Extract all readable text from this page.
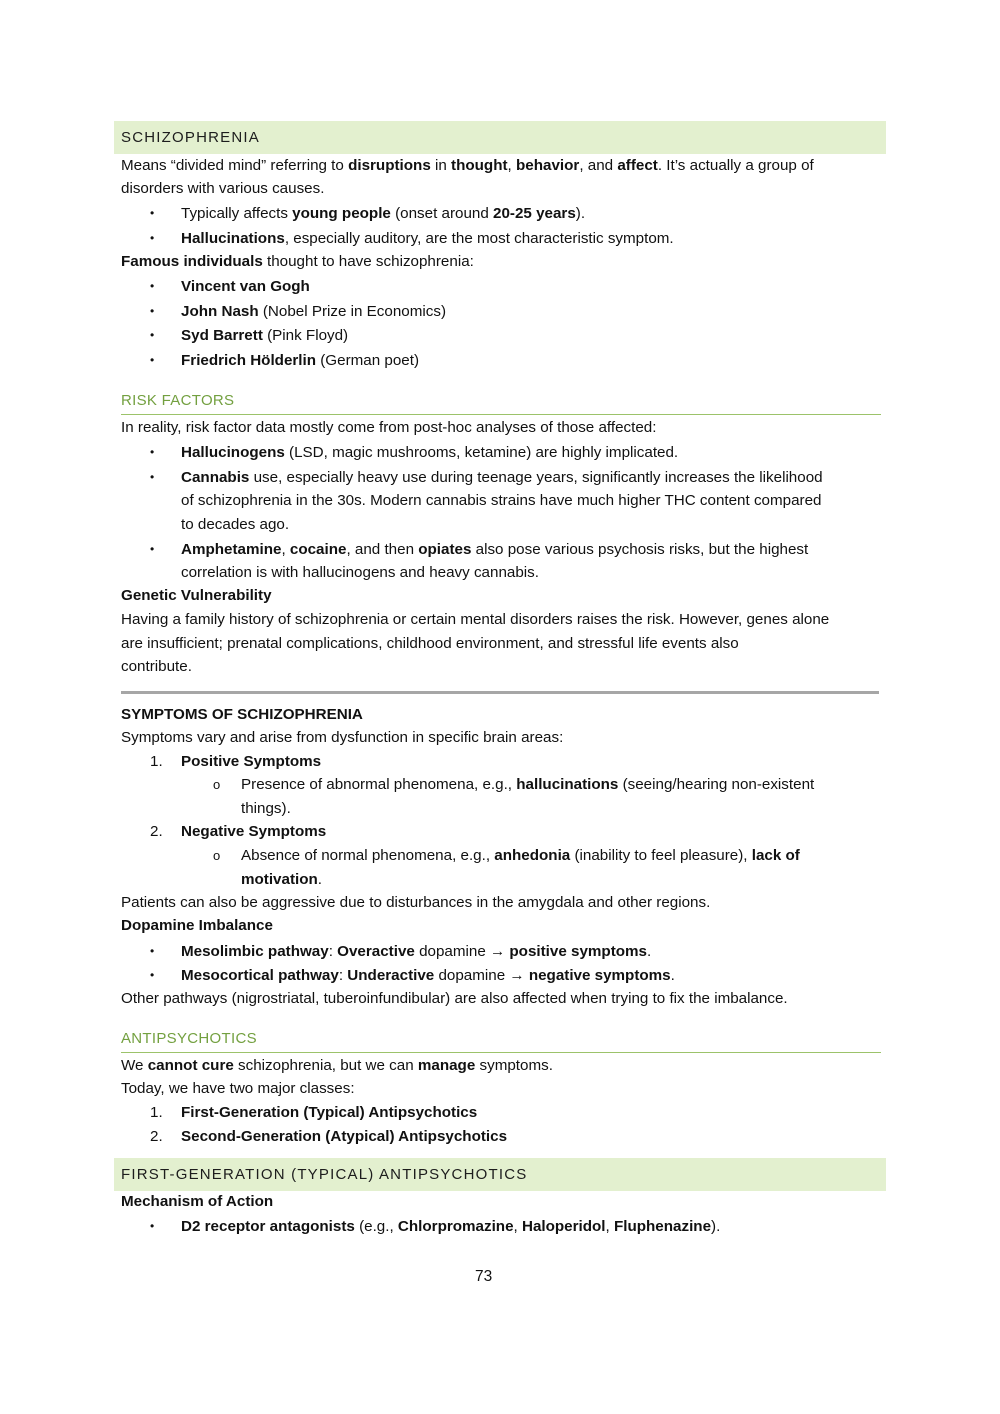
SCHIZOPHRENIA
Means “divided mind” referring to disruptions in thought, behavior, and affect. It’s actually a group of
disorders with various causes.
• Typically affects young people (onset around 20-25 years).
• Hallucinations, especially auditory, are the most characteristic symptom.
Famous individuals thought to have schizophrenia:
• Vincent van Gogh
• John Nash (Nobel Prize in Economics)
• Syd Barrett (Pink Floyd)
• Friedrich Hölderlin (German poet)
RISK FACTORS
In reality, risk factor data mostly come from post-hoc analyses of those affected:
• Hallucinogens (LSD, magic mushrooms, ketamine) are highly implicated.
• Cannabis use, especially heavy use during teenage years, significantly increases the likelihood
of schizophrenia in the 30s. Modern cannabis strains have much higher THC content compared
to decades ago.
• Amphetamine, cocaine, and then opiates also pose various psychosis risks, but the highest
correlation is with hallucinogens and heavy cannabis.
Genetic Vulnerability
Having a family history of schizophrenia or certain mental disorders raises the risk. However, genes alone
are insufficient; prenatal complications, childhood environment, and stressful life events also
contribute.
SYMPTOMS OF SCHIZOPHRENIA
Symptoms vary and arise from dysfunction in specific brain areas:
1. Positive Symptoms
o Presence of abnormal phenomena, e.g., hallucinations (seeing/hearing non-existent
things).
2. Negative Symptoms
o Absence of normal phenomena, e.g., anhedonia (inability to feel pleasure), lack of
motivation.
Patients can also be aggressive due to disturbances in the amygdala and other regions.
Dopamine Imbalance
• Mesolimbic pathway: Overactive dopamine → positive symptoms.
• Mesocortical pathway: Underactive dopamine → negative symptoms.
Other pathways (nigrostriatal, tuberoinfundibular) are also affected when trying to fix the imbalance.
ANTIPSYCHOTICS
We cannot cure schizophrenia, but we can manage symptoms.
Today, we have two major classes:
1. First-Generation (Typical) Antipsychotics
2. Second-Generation (Atypical) Antipsychotics
FIRST-GENERATION (TYPICAL) ANTIPSYCHOTICS
Mechanism of Action
• D2 receptor antagonists (e.g., Chlorpromazine, Haloperidol, Fluphenazine).
73
